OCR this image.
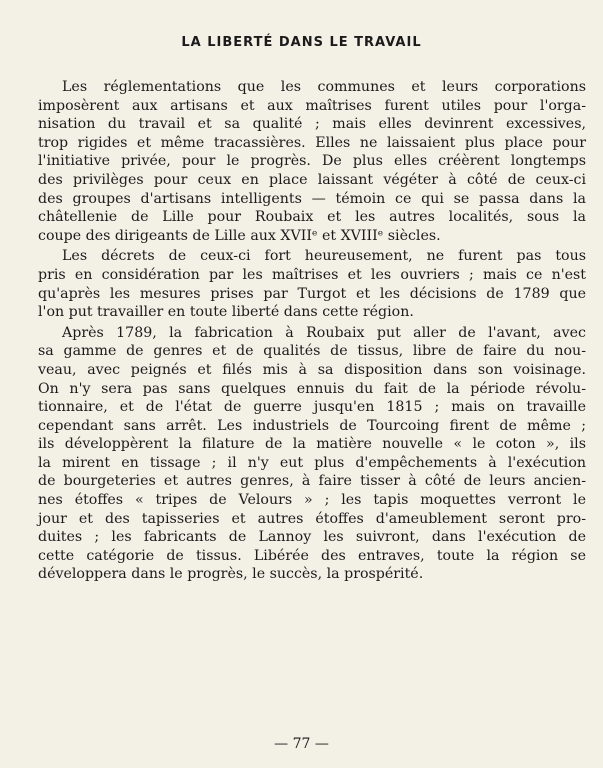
LA LIBERTÉ DANS LE TRAVAIL
Les réglementations que les communes et leurs corporations
imposèrent aux artisans et aux maîtrises furent utiles pour l'orga-
nisation du travail et sa qualité ; mais elles devinrent excessives,
trop rigides et même tracassières. Elles ne laissaient plus place pour
l'initiative privée, pour le progrès. De plus elles créèrent longtemps
des privilèges pour ceux en place laissant végéter à côté de ceux-ci
des groupes d'artisans intelligents — témoin ce qui se passa dans la
châtellenie de Lille pour Roubaix et les autres localités, sous la
coupe des dirigeants de Lille aux XVIIᵉ et XVIIIᵉ siècles.
Les décrets de ceux-ci fort heureusement, ne furent pas tous
pris en considération par les maîtrises et les ouvriers ; mais ce n'est
qu'après les mesures prises par Turgot et les décisions de 1789 que
l'on put travailler en toute liberté dans cette région.
Après 1789, la fabrication à Roubaix put aller de l'avant, avec
sa gamme de genres et de qualités de tissus, libre de faire du nou-
veau, avec peignés et filés mis à sa disposition dans son voisinage.
On n'y sera pas sans quelques ennuis du fait de la période révolu-
tionnaire, et de l'état de guerre jusqu'en 1815 ; mais on travaille
cependant sans arrêt. Les industriels de Tourcoing firent de même ;
ils développèrent la filature de la matière nouvelle « le coton », ils
la mirent en tissage ; il n'y eut plus d'empêchements à l'exécution
de bourgeteries et autres genres, à faire tisser à côté de leurs ancien-
nes étoffes « tripes de Velours » ; les tapis moquettes verront le
jour et des tapisseries et autres étoffes d'ameublement seront pro-
duites ; les fabricants de Lannoy les suivront, dans l'exécution de
cette catégorie de tissus. Libérée des entraves, toute la région se
développera dans le progrès, le succès, la prospérité.
— 77 —
